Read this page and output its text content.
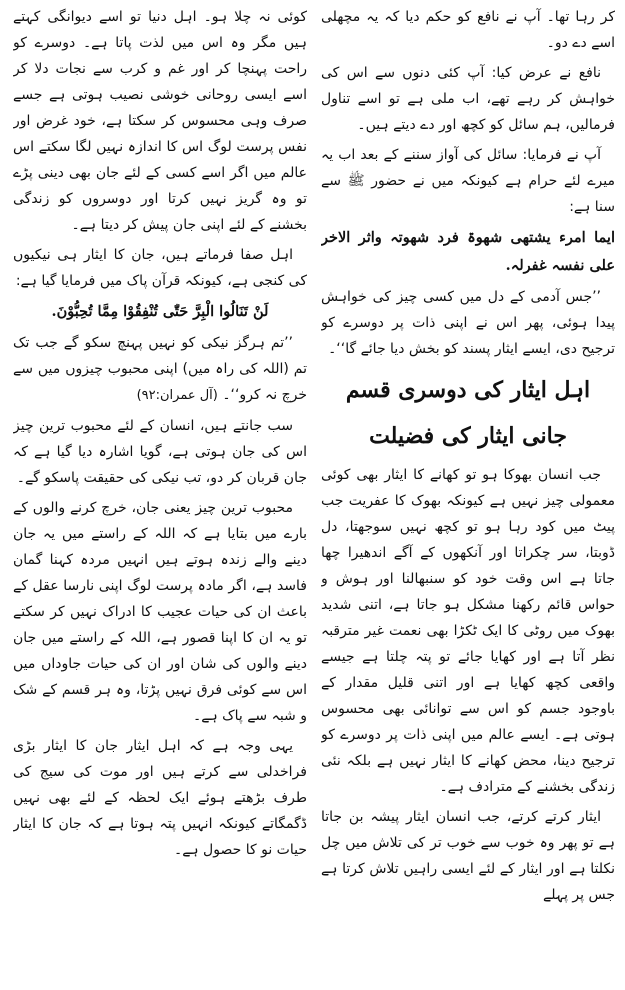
کر رہا تھا۔ آپ نے نافع کو حکم دیا کہ یہ مچھلی اسے دے دو۔

نافع نے عرض کیا: آپ کئی دنوں سے اس کی خواہش کر رہے تھے، اب ملی ہے تو اسے تناول فرمالیں، ہم سائل کو کچھ اور دے دیتے ہیں۔

آپ نے فرمایا: سائل کی آواز سننے کے بعد اب یہ میرے لئے حرام ہے کیونکہ میں نے حضور ﷺ سے سنا ہے:

ایما امرء یشتھی شھوۃ فرد شھوتہ واثر الاخر علی نفسہ غفرلہ.

’’جس آدمی کے دل میں کسی چیز کی خواہش پیدا ہوئی، پھر اس نے اپنی ذات پر دوسرے کو ترجیح دی، ایسے ایثار پسند کو بخش دیا جائے گا‘‘۔

اہل ایثار کی دوسری قسم
جانی ایثار کی فضیلت

جب انسان بھوکا ہو تو کھانے کا ایثار بھی کوئی معمولی چیز نہیں ہے کیونکہ بھوک کا عفریت جب پیٹ میں کود رہا ہو تو کچھ نہیں سوجھتا، دل ڈوبتا، سر چکراتا اور آنکھوں کے آگے اندھیرا چھا جاتا ہے اس وقت خود کو سنبھالنا اور ہوش و حواس قائم رکھنا مشکل ہو جاتا ہے، اتنی شدید بھوک میں روٹی کا ایک ٹکڑا بھی نعمت غیر مترقبہ نظر آتا ہے اور کھایا جائے تو پتہ چلتا ہے جیسے واقعی کچھ کھایا ہے اور اتنی قلیل مقدار کے باوجود جسم کو اس سے توانائی بھی محسوس ہوتی ہے۔ ایسے عالم میں اپنی ذات پر دوسرے کو ترجیح دینا، محض کھانے کا ایثار نہیں ہے بلکہ نئی زندگی بخشنے کے مترادف ہے۔

ایثار کرتے کرتے، جب انسان ایثار پیشہ بن جاتا ہے تو پھر وہ خوب سے خوب تر کی تلاش میں چل نکلتا ہے اور ایثار کے لئے ایسی راہیں تلاش کرتا ہے جس پر پہلے

کوئی نہ چلا ہو۔ اہل دنیا تو اسے دیوانگی کہتے ہیں مگر وہ اس میں لذت پاتا ہے۔ دوسرے کو راحت پہنچا کر اور غم و کرب سے نجات دلا کر اسے ایسی روحانی خوشی نصیب ہوتی ہے جسے صرف وہی محسوس کر سکتا ہے، خود غرض اور نفس پرست لوگ اس کا اندازہ نہیں لگا سکتے اس عالم میں اگر اسے کسی کے لئے جان بھی دینی پڑے تو وہ گریز نہیں کرتا اور دوسروں کو زندگی بخشنے کے لئے اپنی جان پیش کر دیتا ہے۔

اہل صفا فرماتے ہیں، جان کا ایثار ہی نیکیوں کی کنجی ہے، کیونکہ قرآن پاک میں فرمایا گیا ہے:

لَنْ تَنَالُوا الْبِرَّ حَتّٰى تُنْفِقُوْا مِمَّا تُحِبُّوْنَ.

’’تم ہرگز نیکی کو نہیں پہنچ سکو گے جب تک تم (اللہ کی راہ میں) اپنی محبوب چیزوں میں سے خرچ نہ کرو‘‘۔ (آل عمران:۹۲)

سب جانتے ہیں، انسان کے لئے محبوب ترین چیز اس کی جان ہوتی ہے، گویا اشارہ دیا گیا ہے کہ جان قربان کر دو، تب نیکی کی حقیقت پاسکو گے۔

محبوب ترین چیز یعنی جان، خرچ کرنے والوں کے بارے میں بتایا ہے کہ اللہ کے راستے میں یہ جان دینے والے زندہ ہوتے ہیں انہیں مردہ کہنا گمان فاسد ہے، اگر مادہ پرست لوگ اپنی نارسا عقل کے باعث ان کی حیات عجیب کا ادراک نہیں کر سکتے تو یہ ان کا اپنا قصور ہے، اللہ کے راستے میں جان دینے والوں کی شان اور ان کی حیات جاوداں میں اس سے کوئی فرق نہیں پڑتا، وہ ہر قسم کے شک و شبہ سے پاک ہے۔

یہی وجہ ہے کہ اہل ایثار جان کا ایثار بڑی فراخدلی سے کرتے ہیں اور موت کی سیج کی طرف بڑھتے ہوئے ایک لحظہ کے لئے بھی نہیں ڈگمگاتے کیونکہ انہیں پتہ ہوتا ہے کہ جان کا ایثار حیات نو کا حصول ہے۔
